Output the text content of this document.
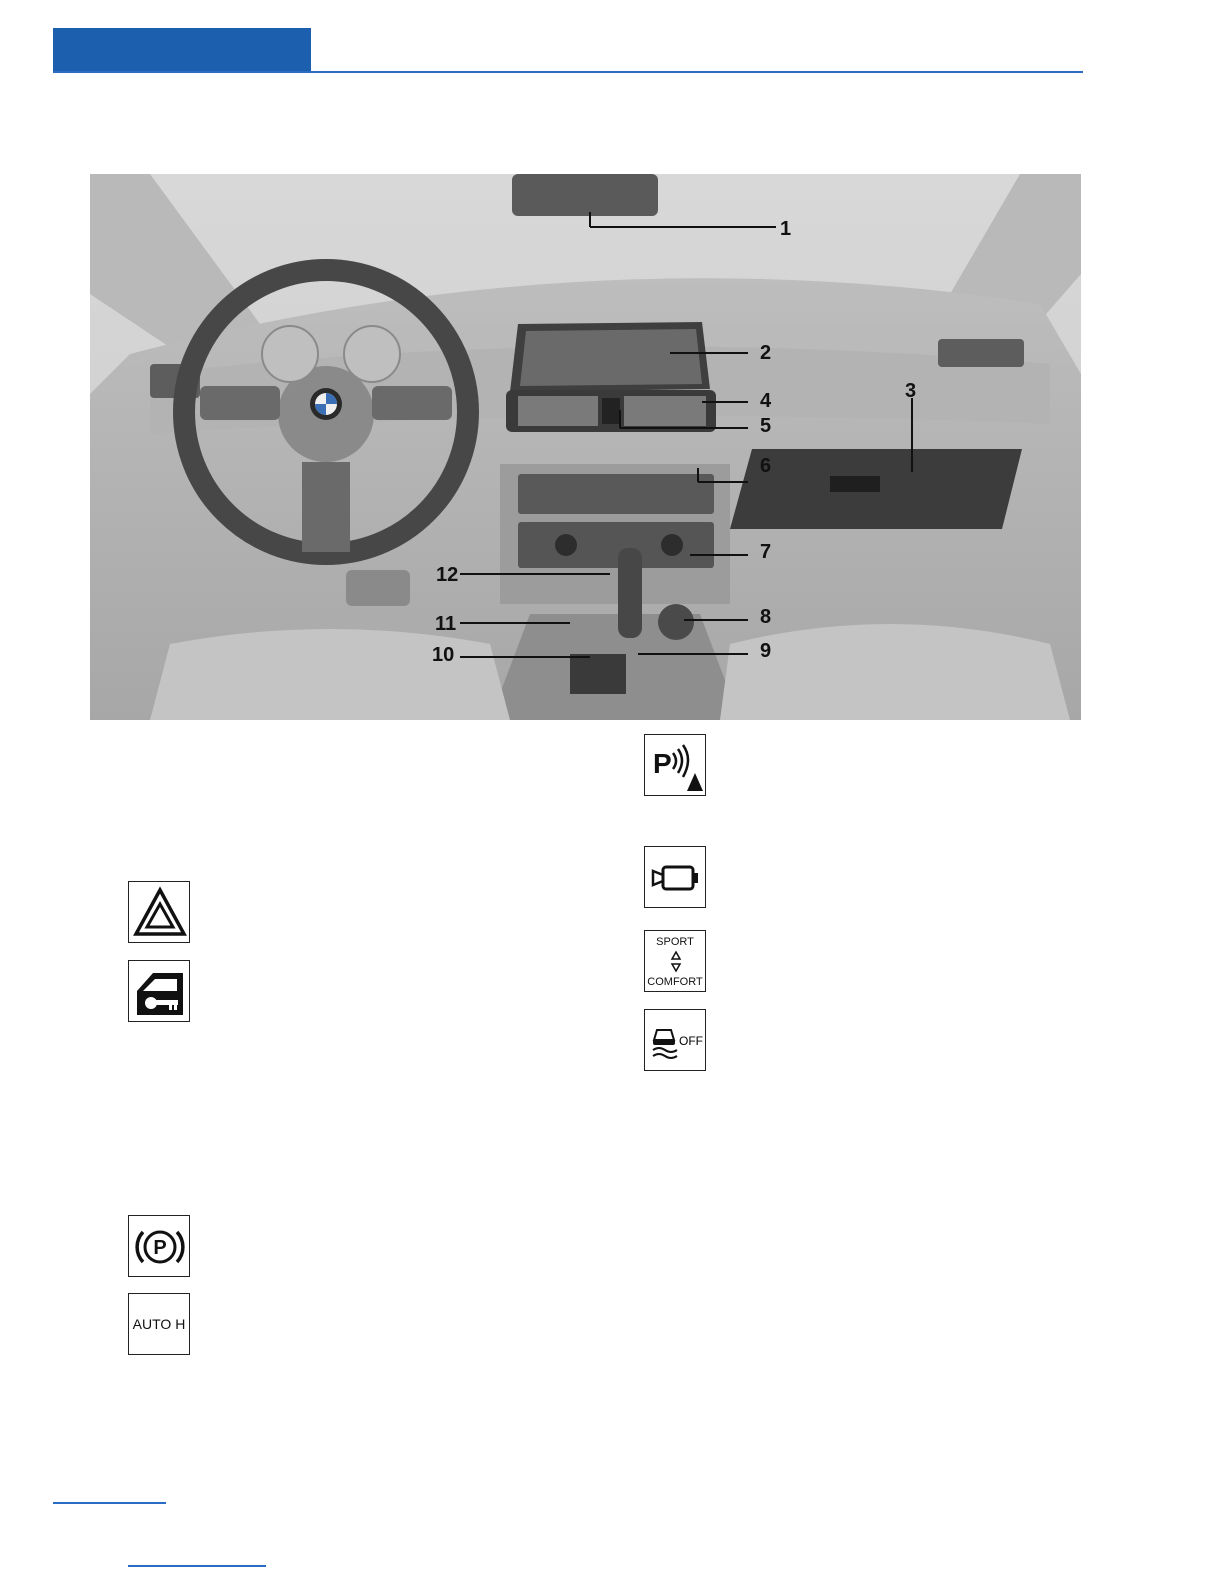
1
2
3
4
5
6
7
8
9
10
11
12
P
AUTO H
P
SPORT
COMFORT
OFF
